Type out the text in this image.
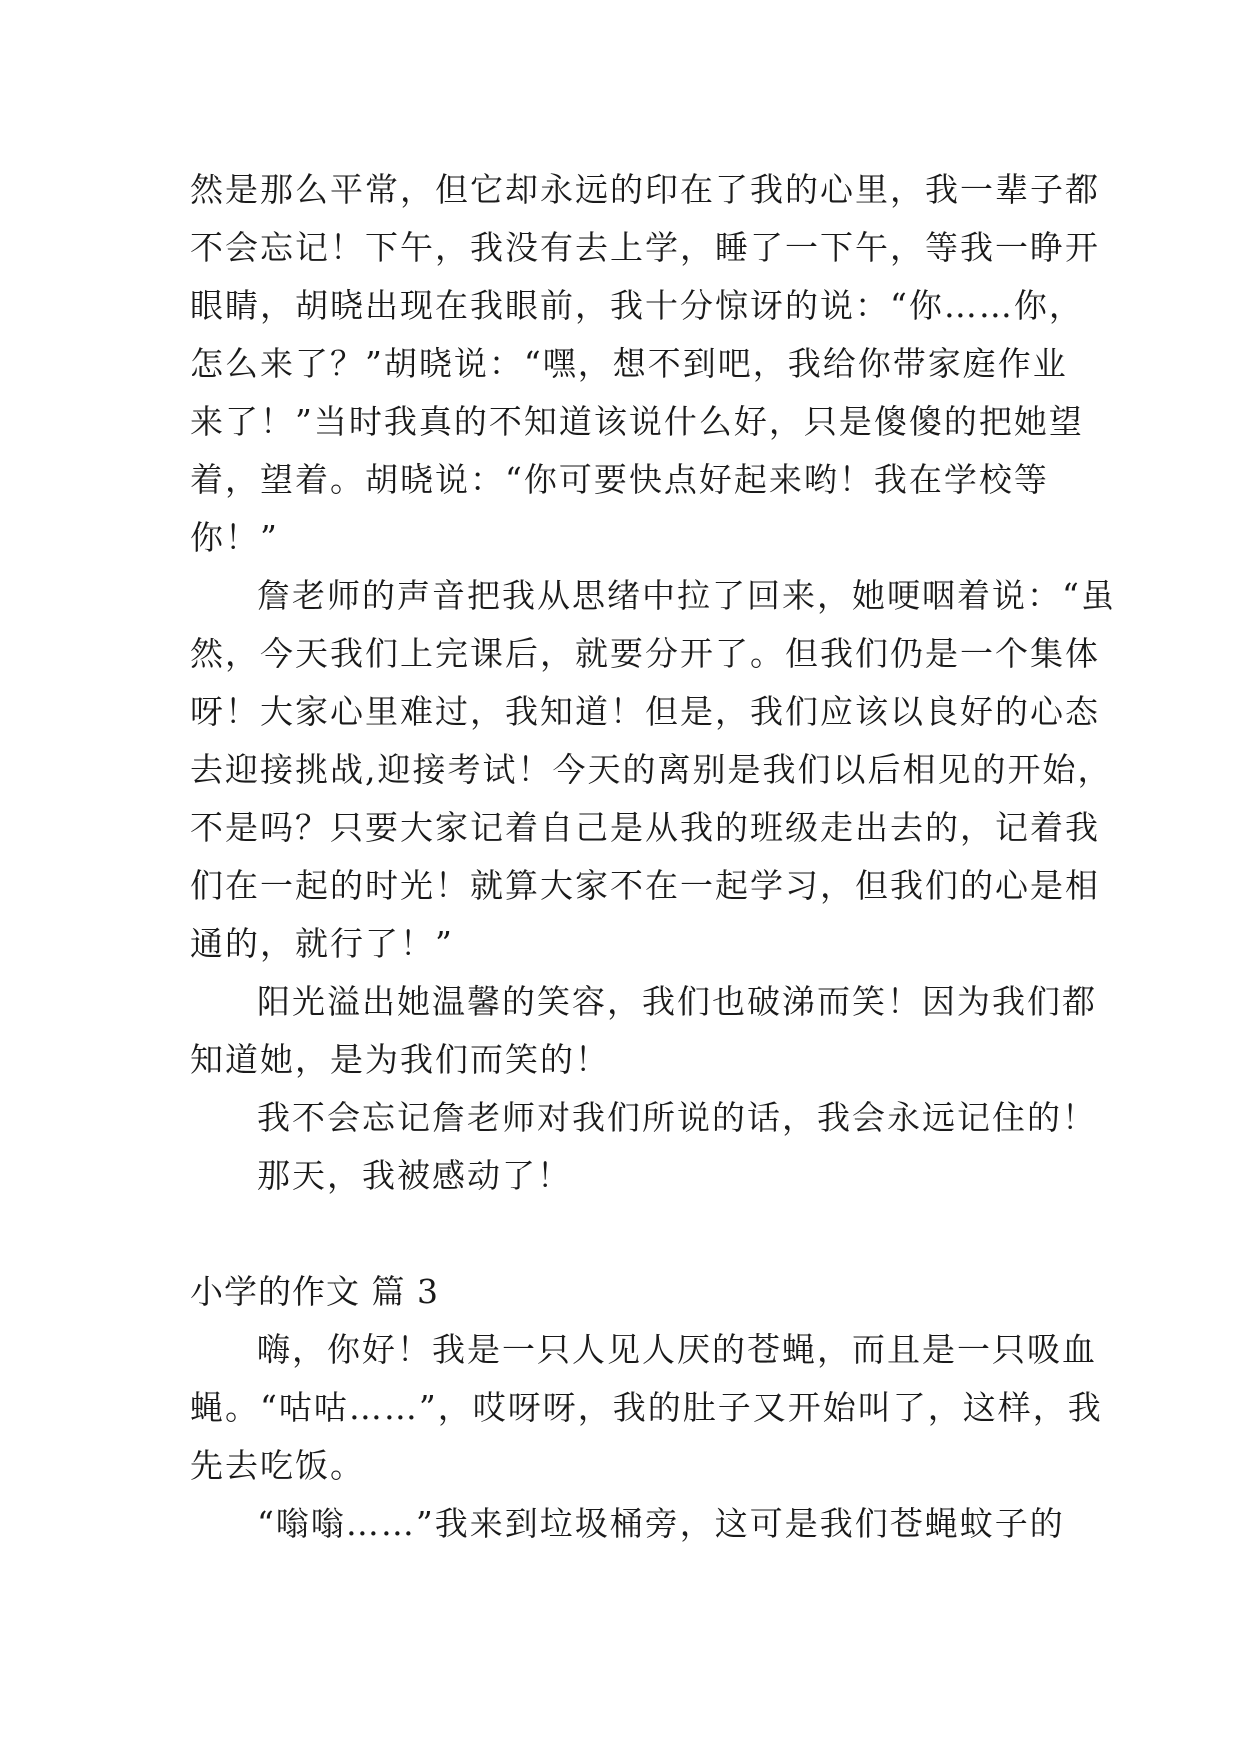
然是那么平常，但它却永远的印在了我的心里，我一辈子都
不会忘记！下午，我没有去上学，睡了一下午，等我一睁开
眼睛，胡晓出现在我眼前，我十分惊讶的说：“你……你，
怎么来了？”胡晓说：“嘿，想不到吧，我给你带家庭作业
来了！”当时我真的不知道该说什么好，只是傻傻的把她望
着，望着。胡晓说：“你可要快点好起来哟！我在学校等
你！”
詹老师的声音把我从思绪中拉了回来，她哽咽着说：“虽
然，今天我们上完课后，就要分开了。但我们仍是一个集体
呀！大家心里难过，我知道！但是，我们应该以良好的心态
去迎接挑战,迎接考试！今天的离别是我们以后相见的开始，
不是吗？只要大家记着自己是从我的班级走出去的，记着我
们在一起的时光！就算大家不在一起学习，但我们的心是相
通的，就行了！”
阳光溢出她温馨的笑容，我们也破涕而笑！因为我们都
知道她，是为我们而笑的！
我不会忘记詹老师对我们所说的话，我会永远记住的！
那天，我被感动了！
小学的作文 篇 3
嗨，你好！我是一只人见人厌的苍蝇，而且是一只吸血
蝇。“咕咕……”，哎呀呀，我的肚子又开始叫了，这样，我
先去吃饭。
“嗡嗡……”我来到垃圾桶旁，这可是我们苍蝇蚊子的
